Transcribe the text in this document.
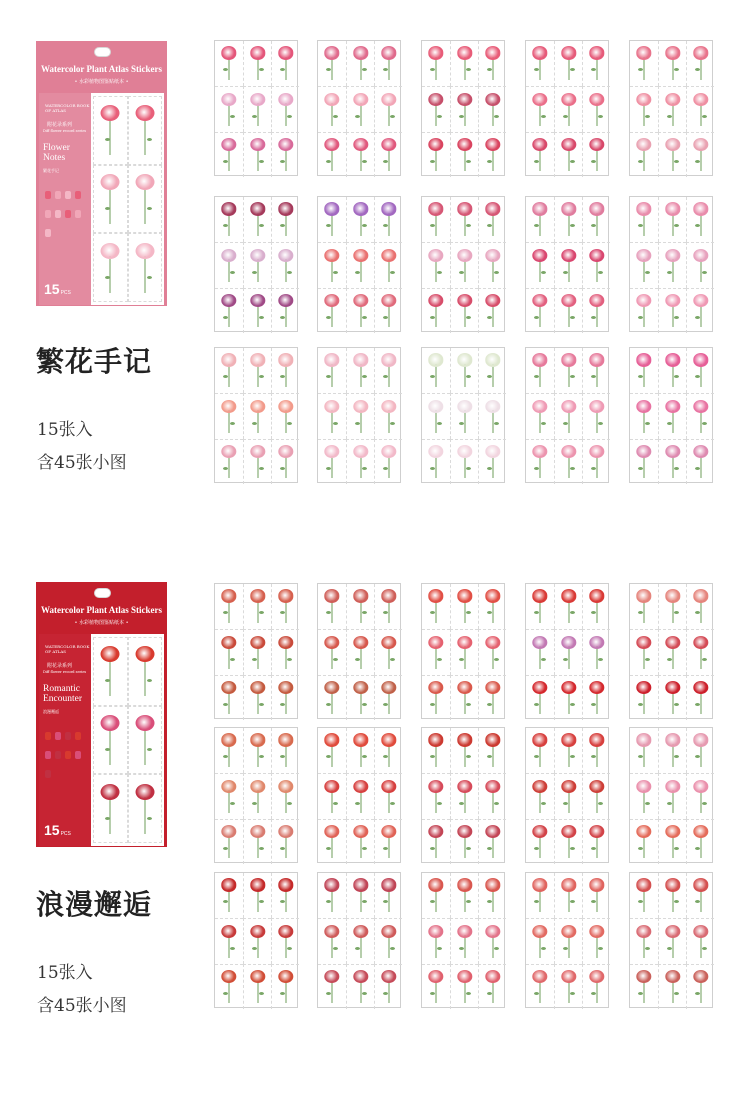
Watercolor Plant Atlas Stickers
• 水彩植物图鉴贴纸本 •
WATERCOLOR BOOK OF ATLAS
附花录系列
Diff flower record series
Flower Notes
繁花手记
15PCS
繁花手记
15张入
含45张小图
Watercolor Plant Atlas Stickers
• 水彩植物图鉴贴纸本 •
WATERCOLOR BOOK OF ATLAS
附花录系列
Diff flower record series
Romantic Encounter
浪漫邂逅
15PCS
浪漫邂逅
15张入
含45张小图
